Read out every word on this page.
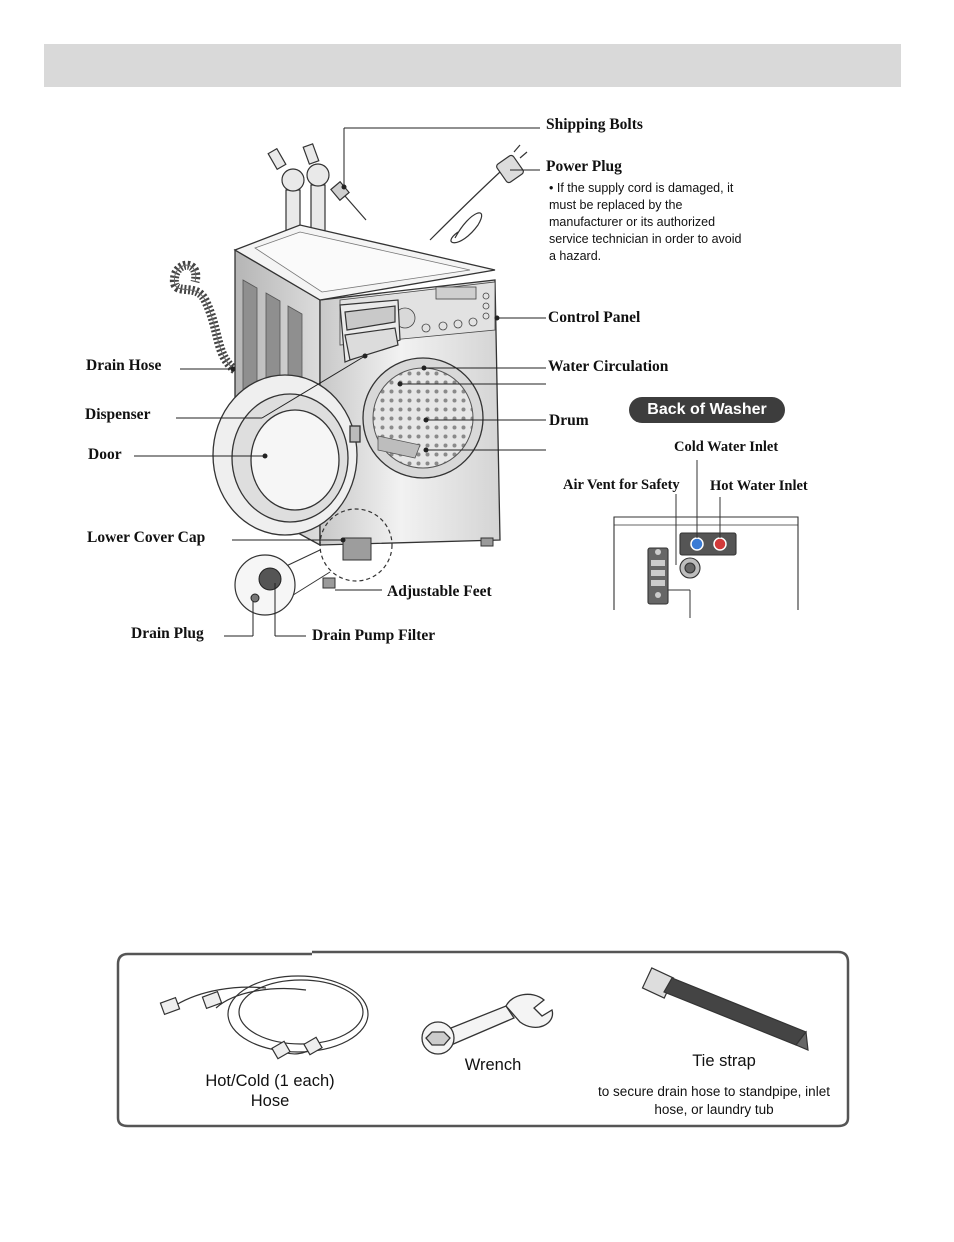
Shipping Bolts
Power Plug
• If the supply cord is damaged, it must be replaced by the manufacturer or its authorized service technician in order to avoid a hazard.
Control Panel
Drain Hose	Water Circulation
Dispenser	Drum
Door
Lower Cover Cap
Adjustable Feet
Drain Plug	Drain Pump Filter
Back of Washer
Cold Water Inlet
Air Vent for Safety Hot Water Inlet
Hot/Cold (1 each)
Hose
Wrench	Tie strap
to secure drain hose to standpipe, inlet hose, or laundry tub
